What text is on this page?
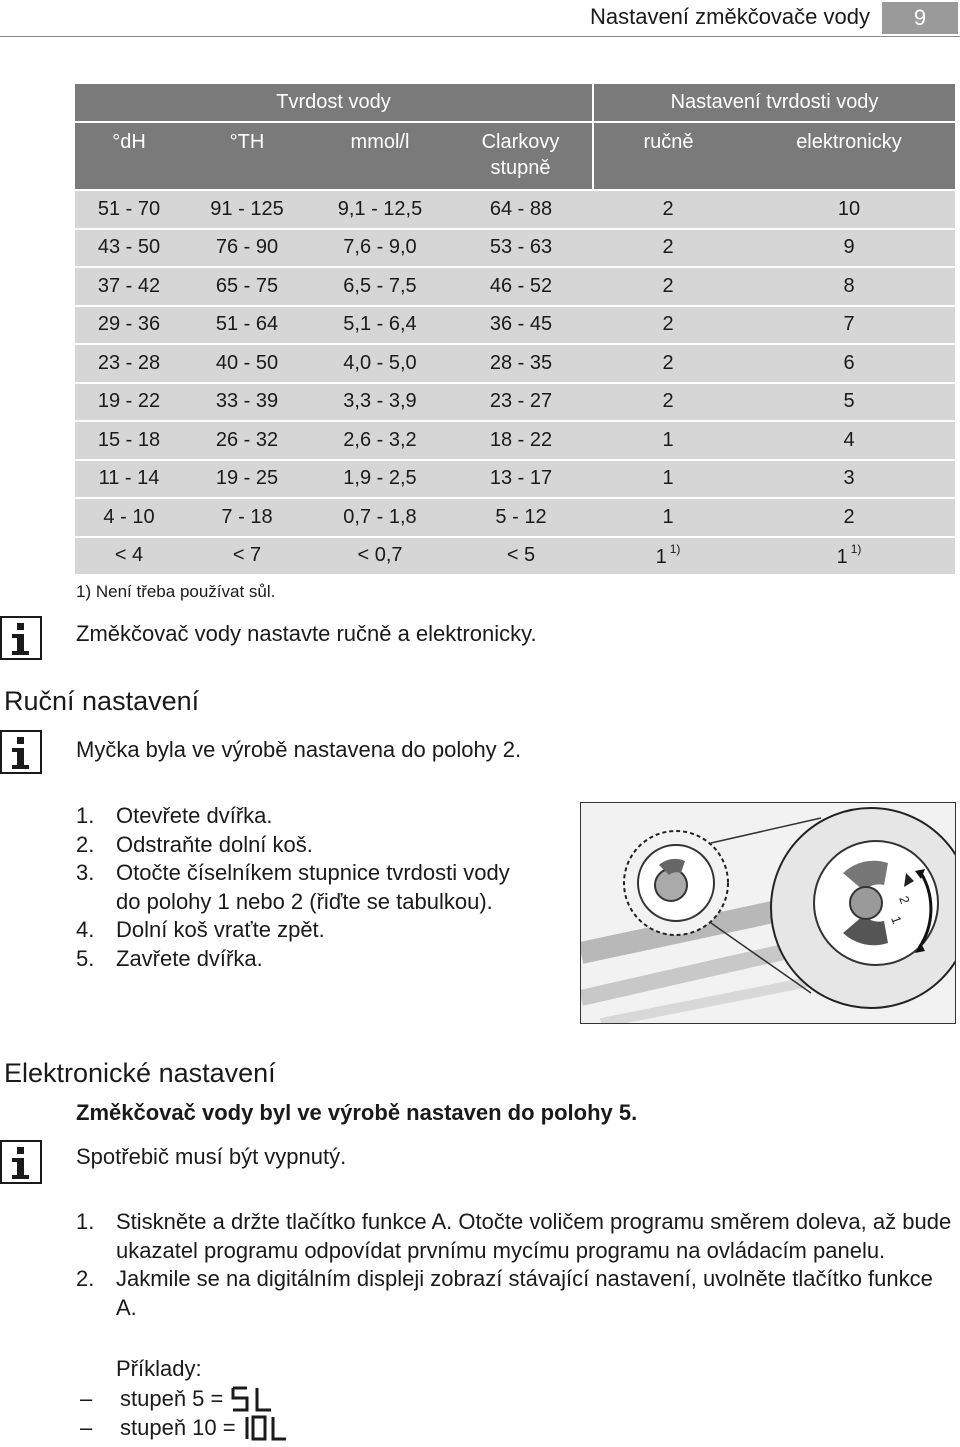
Nastavení změkčovače vody	9
Tvrdost vody				Nastavení tvrdosti vody	
°dH	°TH	mmol/l	Clarkovy stupně	ručně	elektronicky
51 - 70	91 - 125	9,1 - 12,5	64 - 88	2	10
43 - 50	76 - 90	7,6 - 9,0	53 - 63	2	9
37 - 42	65 - 75	6,5 - 7,5	46 - 52	2	8
29 - 36	51 - 64	5,1 - 6,4	36 - 45	2	7
23 - 28	40 - 50	4,0 - 5,0	28 - 35	2	6
19 - 22	33 - 39	3,3 - 3,9	23 - 27	2	5
15 - 18	26 - 32	2,6 - 3,2	18 - 22	1	4
11 - 14	19 - 25	1,9 - 2,5	13 - 17	1	3
4 - 10	7 - 18	0,7 - 1,8	5 - 12	1	2
< 4	< 7	< 0,7	< 5	1 $^{1)}$	1 $^{1)}$
1) Není třeba používat sůl.
Změkčovač vody nastavte ručně a elektronicky.
Ruční nastavení
Myčka byla ve výrobě nastavena do polohy 2.
1. Otevřete dvířka.
2. Odstraňte dolní koš.
3. Otočte číselníkem stupnice tvrdosti vody do polohy 1 nebo 2 (řiďte se tabulkou).
4. Dolní koš vraťte zpět.
5. Zavřete dvířka.
2
1
Elektronické nastavení
Změkčovač vody byl ve výrobě nastaven do polohy 5.
Spotřebič musí být vypnutý.
1. Stiskněte a držte tlačítko funkce A. Otočte voličem programu směrem doleva, až bude ukazatel programu odpovídat prvnímu mycímu programu na ovládacím panelu.
2. Jakmile se na digitálním displeji zobrazí stávající nastavení, uvolněte tlačítko funkce A.
Příklady:
– stupeň 5 =
– stupeň 10 =
